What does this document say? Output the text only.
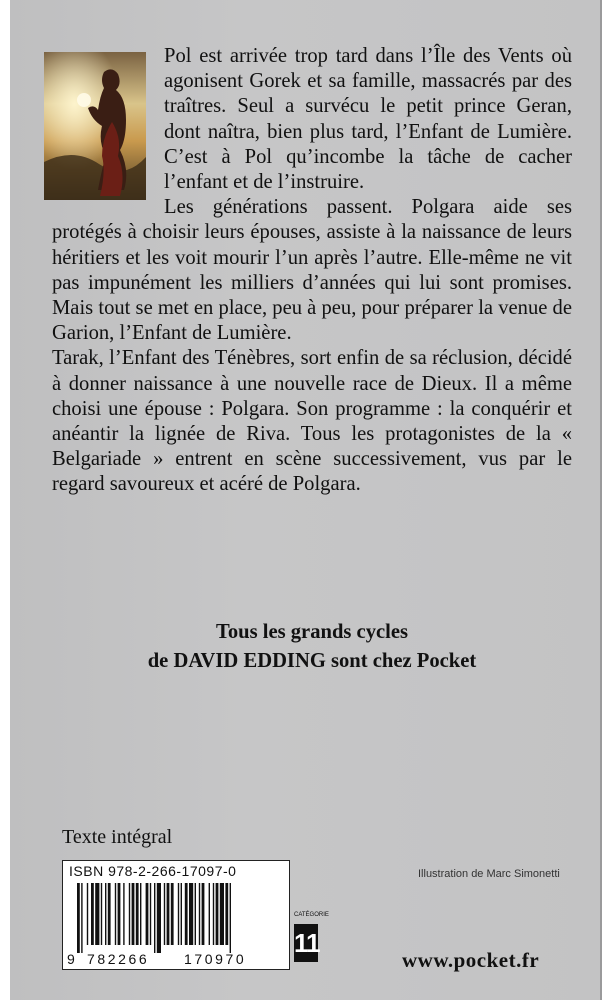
Pol est arrivée trop tard dans l’Île des Vents où agonisent Gorek et sa famille, massacrés par des traîtres. Seul a survécu le petit prince Geran, dont naîtra, bien plus tard, l’Enfant de Lumière. C’est à Pol qu’incombe la tâche de cacher l’enfant et de l’instruire.

Les générations passent. Polgara aide ses protégés à choisir leurs épouses, assiste à la naissance de leurs héritiers et les voit mourir l’un après l’autre. Elle-même ne vit pas impunément les milliers d’années qui lui sont promises. Mais tout se met en place, peu à peu, pour préparer la venue de Garion, l’Enfant de Lumière.

Tarak, l’Enfant des Ténèbres, sort enfin de sa réclusion, décidé à donner naissance à une nouvelle race de Dieux. Il a même choisi une épouse : Polgara. Son programme : la conquérir et anéantir la lignée de Riva. Tous les protagonistes de la « Belgariade » entrent en scène successivement, vus par le regard savoureux et acéré de Polgara.

Tous les grands cycles
de DAVID EDDING sont chez Pocket
Texte intégral
ISBN 978-2-266-17097-0
9 782266 170970
Illustration de Marc Simonetti
CATÉGORIE
11
www.pocket.fr
